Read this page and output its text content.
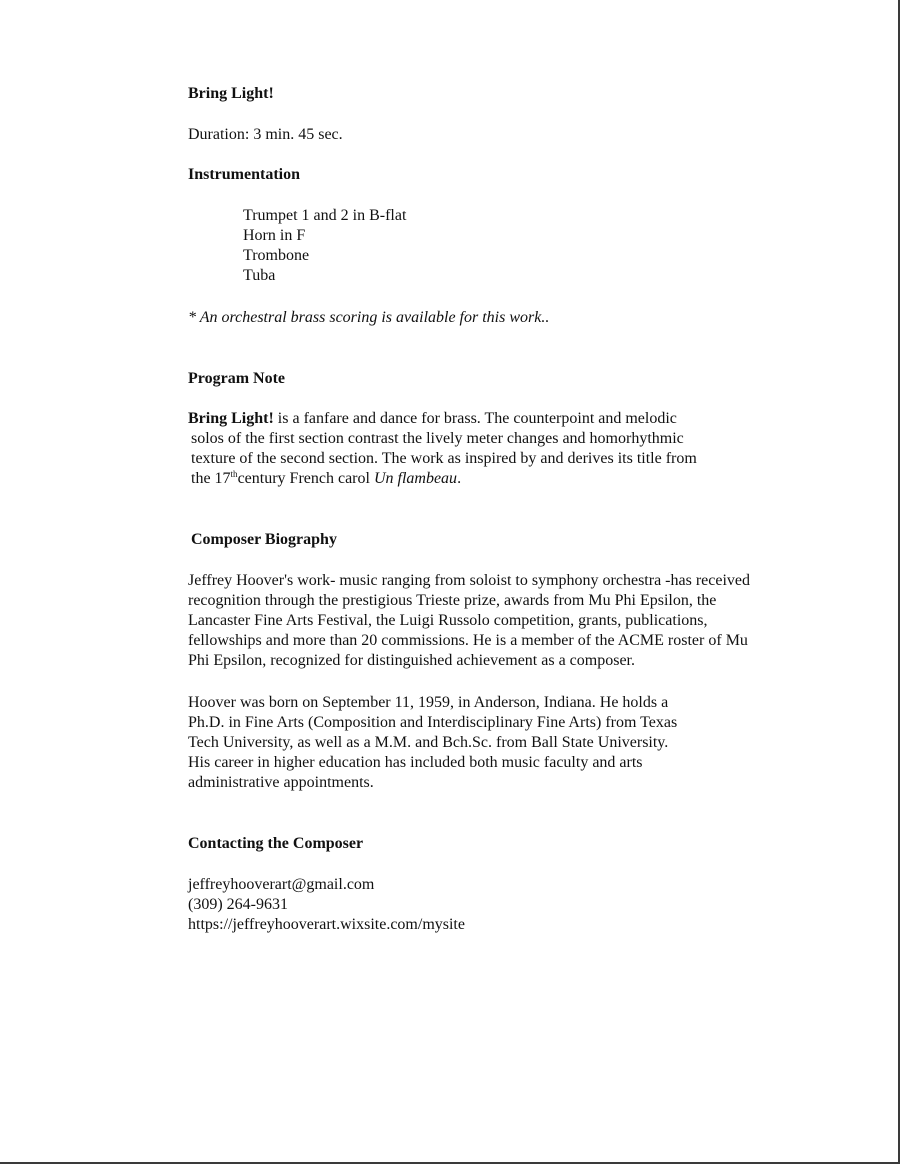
Bring Light!
Duration: 3 min. 45 sec.
Instrumentation
Trumpet 1 and 2 in B-flat
Horn in F
Trombone
Tuba
* An orchestral brass scoring is available for this work..
Program Note
Bring Light! is a fanfare and dance for brass. The counterpoint and melodic
solos of the first section contrast the lively meter changes and homorhythmic
texture of the second section. The work as inspired by and derives its title from
the 17thcentury French carol Un flambeau.
Composer Biography
Jeffrey Hoover's work- music ranging from soloist to symphony orchestra -has received
recognition through the prestigious Trieste prize, awards from Mu Phi Epsilon, the
Lancaster Fine Arts Festival, the Luigi Russolo competition, grants, publications,
fellowships and more than 20 commissions. He is a member of the ACME roster of Mu
Phi Epsilon, recognized for distinguished achievement as a composer.
Hoover was born on September 11, 1959, in Anderson, Indiana. He holds a
Ph.D. in Fine Arts (Composition and Interdisciplinary Fine Arts) from Texas
Tech University, as well as a M.M. and Bch.Sc. from Ball State University.
His career in higher education has included both music faculty and arts
administrative appointments.
Contacting the Composer
jeffreyhooverart@gmail.com
(309) 264-9631
https://jeffreyhooverart.wixsite.com/mysite
